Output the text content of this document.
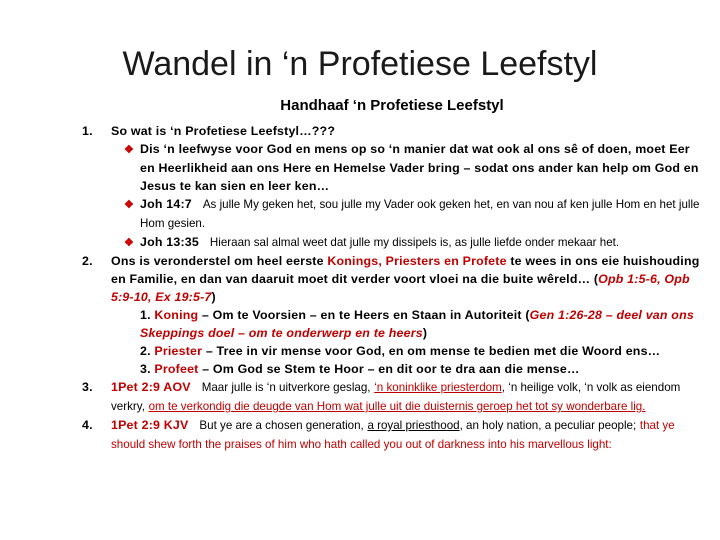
Wandel in ‘n Profetiese Leefstyl
Handhaaf ‘n Profetiese Leefstyl
1. So wat is ‘n Profetiese Leefstyl…???
❖ Dis ‘n leefwyse voor God en mens op so ‘n manier dat wat ook al ons sê of doen, moet Eer en Heerlikheid aan ons Here en Hemelse Vader bring – sodat ons ander kan help om God en Jesus te kan sien en leer ken…
❖ Joh 14:7 As julle My geken het, sou julle my Vader ook geken het, en van nou af ken julle Hom en het julle Hom gesien.
❖ Joh 13:35 Hieraan sal almal weet dat julle my dissipels is, as julle liefde onder mekaar het.
2. Ons is veronderstel om heel eerste Konings, Priesters en Profete te wees in ons eie huishouding en Familie, en dan van daaruit moet dit verder voort vloei na die buite wêreld… (Opb 1:5-6, Opb 5:9-10, Ex 19:5-7)
1. Koning – Om te Voorsien – en te Heers en Staan in Autoriteit (Gen 1:26-28 – deel van ons Skeppings doel – om te onderwerp en te heers)
2. Priester – Tree in vir mense voor God, en om mense te bedien met die Woord ens…
3. Profeet – Om God se Stem te Hoor – en dit oor te dra aan die mense…
3. 1Pet 2:9 AOV Maar julle is ‘n uitverkore geslag, ‘n koninklike priesterdom, ‘n heilige volk, ‘n volk as eiendom verkry, om te verkondig die deugde van Hom wat julle uit die duisternis geroep het tot sy wonderbare lig.
4. 1Pet 2:9 KJV But ye are a chosen generation, a royal priesthood, an holy nation, a peculiar people; that ye should shew forth the praises of him who hath called you out of darkness into his marvellous light:
